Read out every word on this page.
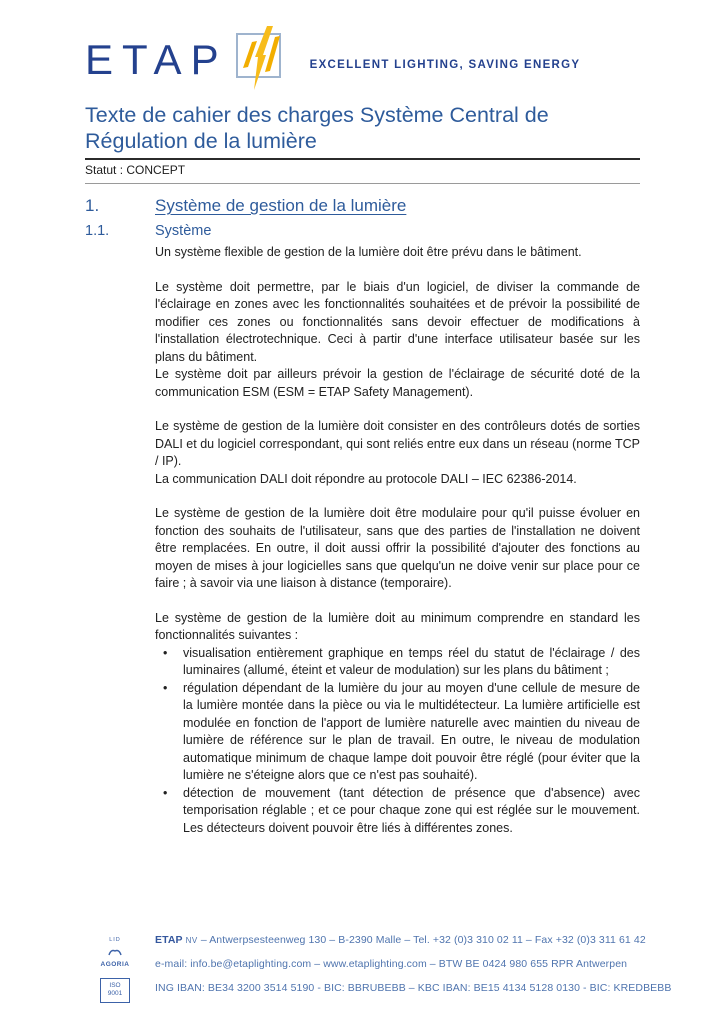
ETAP	EXCELLENT LIGHTING, SAVING ENERGY
Texte de cahier des charges Système Central de Régulation de la lumière
Statut : CONCEPT
1.	Système de gestion de la lumière
1.1.	Système

Un système flexible de gestion de la lumière doit être prévu dans le bâtiment.

Le système doit permettre, par le biais d'un logiciel, de diviser la commande de l'éclairage en zones avec les fonctionnalités souhaitées et de prévoir la possibilité de modifier ces zones ou fonctionnalités sans devoir effectuer de modifications à l'installation électrotechnique. Ceci à partir d'une interface utilisateur basée sur les plans du bâtiment.

Le système doit par ailleurs prévoir la gestion de l'éclairage de sécurité doté de la communication ESM (ESM = ETAP Safety Management).

Le système de gestion de la lumière doit consister en des contrôleurs dotés de sorties DALI et du logiciel correspondant, qui sont reliés entre eux dans un réseau (norme TCP / IP).

La communication DALI doit répondre au protocole DALI – IEC 62386-2014.

Le système de gestion de la lumière doit être modulaire pour qu'il puisse évoluer en fonction des souhaits de l'utilisateur, sans que des parties de l'installation ne doivent être remplacées. En outre, il doit aussi offrir la possibilité d'ajouter des fonctions au moyen de mises à jour logicielles sans que quelqu'un ne doive venir sur place pour ce faire ; à savoir via une liaison à distance (temporaire).

Le système de gestion de la lumière doit au minimum comprendre en standard les fonctionnalités suivantes :

• visualisation entièrement graphique en temps réel du statut de l'éclairage / des luminaires (allumé, éteint et valeur de modulation) sur les plans du bâtiment ;
• régulation dépendant de la lumière du jour au moyen d'une cellule de mesure de la lumière montée dans la pièce ou via le multidétecteur. La lumière artificielle est modulée en fonction de l'apport de lumière naturelle avec maintien du niveau de lumière de référence sur le plan de travail. En outre, le niveau de modulation automatique minimum de chaque lampe doit pouvoir être réglé (pour éviter que la lumière ne s'éteigne alors que ce n'est pas souhaité).
• détection de mouvement (tant détection de présence que d'absence) avec temporisation réglable ; et ce pour chaque zone qui est réglée sur le mouvement. Les détecteurs doivent pouvoir être liés à différentes zones.
LID
AGORIA
ISO
9001
ETAP NV – Antwerpsesteenweg 130 – B-2390 Malle – Tel. +32 (0)3 310 02 11 – Fax +32 (0)3 311 61 42
e-mail: info.be@etaplighting.com – www.etaplighting.com – BTW BE 0424 980 655 RPR Antwerpen
ING IBAN: BE34 3200 3514 5190 - BIC: BBRUBEBB – KBC IBAN: BE15 4134 5128 0130 - BIC: KREDBEBB
